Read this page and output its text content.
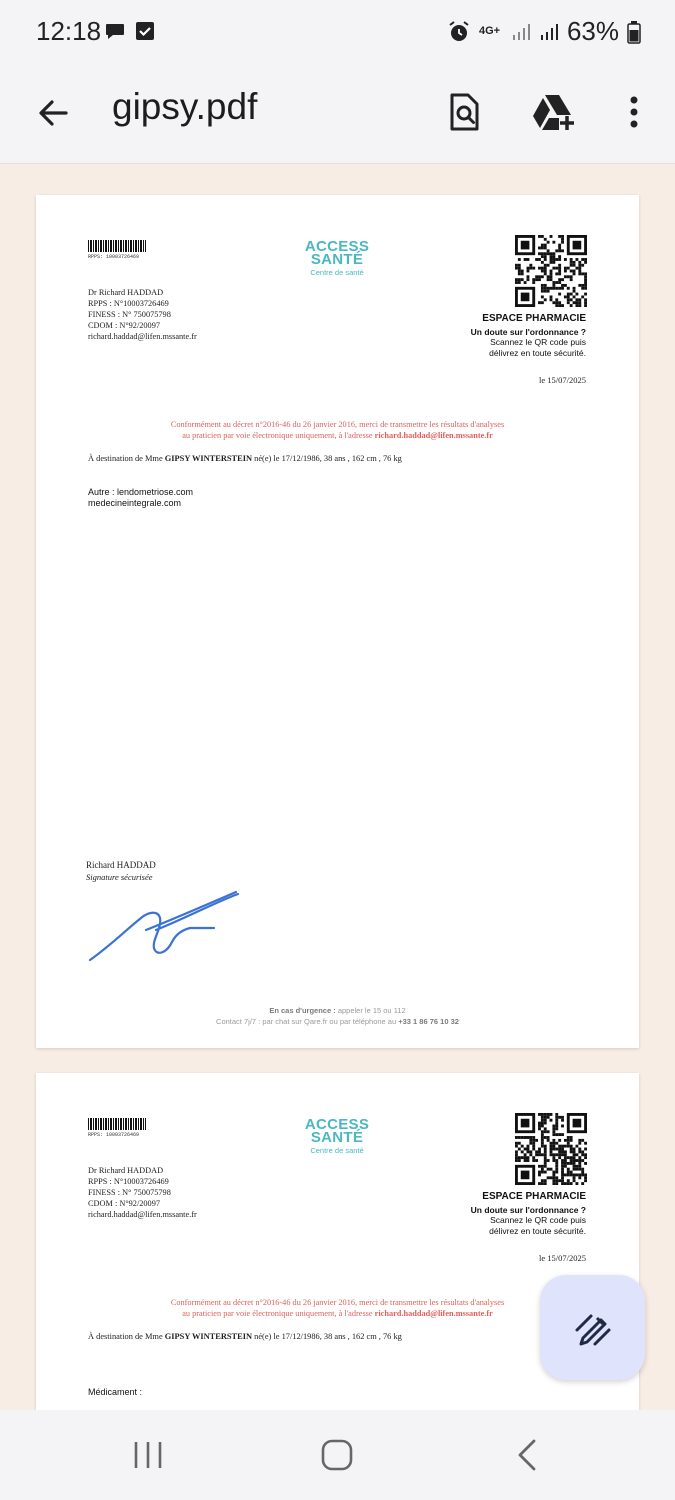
12:18	4G+	63%
gipsy.pdf
RPPS: 10003726469
ACCESS
SANTÉ
Centre de santé
Dr Richard HADDAD
RPPS : N°10003726469
FINESS : N° 750075798
CDOM : N°92/20097
richard.haddad@lifen.mssante.fr
ESPACE PHARMACIE
Un doute sur l'ordonnance ?
Scannez le QR code puis
délivrez en toute sécurité.
le 15/07/2025
Conformément au décret n°2016-46 du 26 janvier 2016, merci de transmettre les résultats d'analyses
au praticien par voie électronique uniquement, à l'adresse richard.haddad@lifen.mssante.fr
À destination de Mme GIPSY WINTERSTEIN né(e) le 17/12/1986, 38 ans , 162 cm , 76 kg
Autre : lendometriose.com
medecineintegrale.com
Richard HADDAD
Signature sécurisée
En cas d'urgence : appeler le 15 ou 112
Contact 7j/7 : par chat sur Qare.fr ou par téléphone au +33 1 86 76 10 32
RPPS: 10003726469
ACCESS
SANTÉ
Centre de santé
Dr Richard HADDAD
RPPS : N°10003726469
FINESS : N° 750075798
CDOM : N°92/20097
richard.haddad@lifen.mssante.fr
ESPACE PHARMACIE
Un doute sur l'ordonnance ?
Scannez le QR code puis
délivrez en toute sécurité.
le 15/07/2025
Conformément au décret n°2016-46 du 26 janvier 2016, merci de transmettre les résultats d'analyses
au praticien par voie électronique uniquement, à l'adresse richard.haddad@lifen.mssante.fr
À destination de Mme GIPSY WINTERSTEIN né(e) le 17/12/1986, 38 ans , 162 cm , 76 kg

Médicament :
